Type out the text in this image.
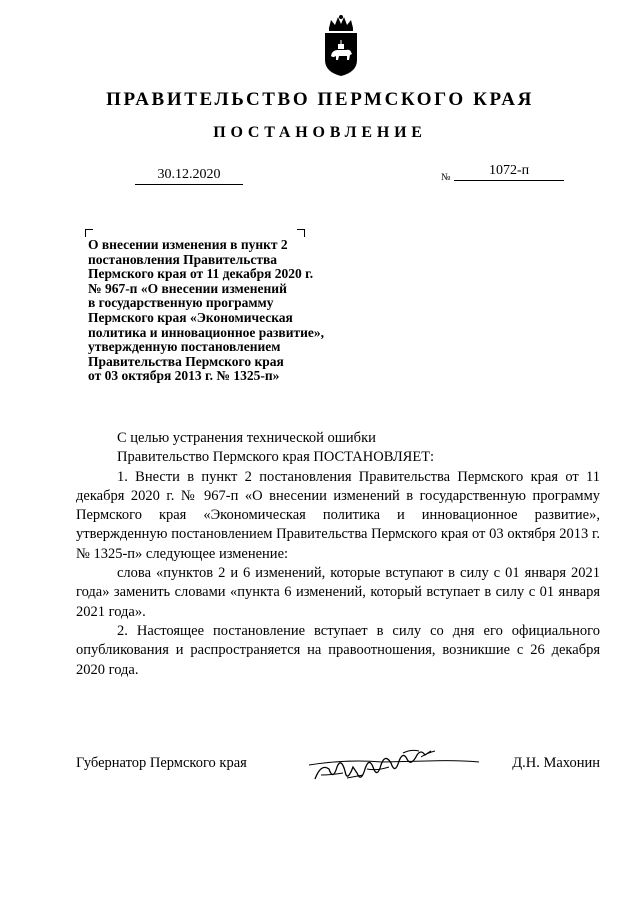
ПРАВИТЕЛЬСТВО ПЕРМСКОГО КРАЯ
ПОСТАНОВЛЕНИЕ
30.12.2020	$_№$	1072-п
О внесении изменения в пункт 2
постановления Правительства
Пермского края от 11 декабря 2020 г.
№ 967-п «О внесении изменений
в государственную программу
Пермского края «Экономическая
политика и инновационное развитие»,
утвержденную постановлением
Правительства Пермского края
от 03 октября 2013 г. № 1325-п»

С целью устранения технической ошибки

Правительство Пермского края ПОСТАНОВЛЯЕТ:

1. Внести в пункт 2 постановления Правительства Пермского края от 11 декабря 2020 г. № 967-п «О внесении изменений в государственную программу Пермского края «Экономическая политика и инновационное развитие», утвержденную постановлением Правительства Пермского края от 03 октября 2013 г. № 1325-п» следующее изменение:

слова «пунктов 2 и 6 изменений, которые вступают в силу с 01 января 2021 года» заменить словами «пункта 6 изменений, который вступает в силу с 01 января 2021 года».

2. Настоящее постановление вступает в силу со дня его официального опубликования и распространяется на правоотношения, возникшие с 26 декабря 2020 года.

Губернатор Пермского края	Д.Н. Махонин
